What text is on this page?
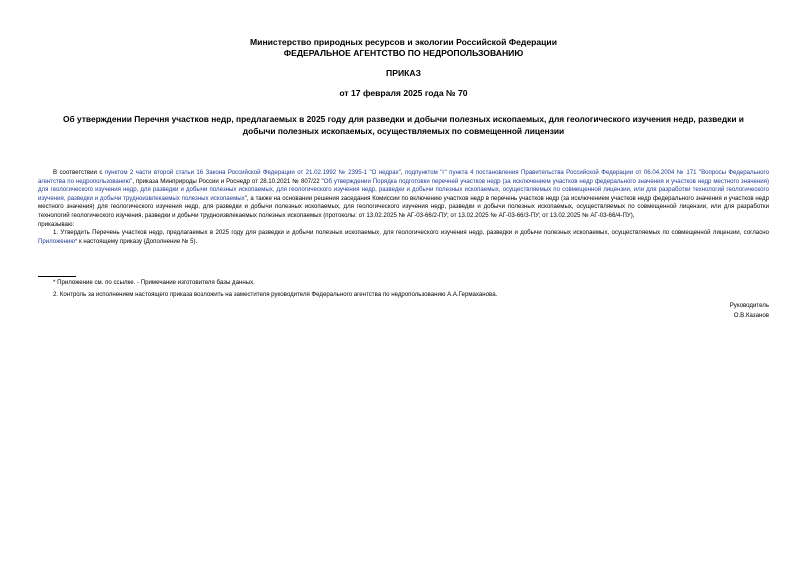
Министерство природных ресурсов и экологии Российской Федерации
ФЕДЕРАЛЬНОЕ АГЕНТСТВО ПО НЕДРОПОЛЬЗОВАНИЮ
ПРИКАЗ
от 17 февраля 2025 года № 70
Об утверждении Перечня участков недр, предлагаемых в 2025 году для разведки и добычи полезных ископаемых, для геологического изучения недр, разведки и
добычи полезных ископаемых, осуществляемых по совмещенной лицензии

В соответствии с пунктом 2 части второй статьи 16 Закона Российской Федерации от 21.02.1992 № 2395-1 "О недрах", подпунктом "г" пункта 4 постановления Правительства Российской Федерации от 06.04.2004 № 171 "Вопросы Федерального агентства по недропользованию", приказа Минприроды России и Роснедр от 28.10.2021 № 807/22 "Об утверждении Порядка подготовки перечней участков недр (за исключением участков недр федерального значения и участков недр местного значения) для геологического изучения недр, для разведки и добычи полезных ископаемых, для геологического изучения недр, разведки и добычи полезных ископаемых, осуществляемых по совмещенной лицензии, или для разработки технологий геологического изучения, разведки и добычи трудноизвлекаемых полезных ископаемых", а также на основании решения заседания Комиссии по включению участков недр в перечень участков недр (за исключением участков недр федерального значения и участков недр местного значения) для геологического изучения недр, для разведки и добычи полезных ископаемых, для геологического изучения недр, разведки и добычи полезных ископаемых, осуществляемых по совмещенной лицензии, или для разработки технологий геологического изучения, разведки и добычи трудноизвлекаемых полезных ископаемых (протоколы: от 13.02.2025 № АГ-03-66/2-ПУ; от 13.02.2025 № АГ-03-66/3-ПУ; от 13.02.2025 № АГ-03-66/4-ПУ),

приказываю:

1. Утвердить Перечень участков недр, предлагаемых в 2025 году для разведки и добычи полезных ископаемых, для геологического изучения недр, разведки и добычи полезных ископаемых, осуществляемых по совмещенной лицензии, согласно Приложению* к настоящему приказу (Дополнение № 5).

* Приложение см. по ссылке. - Примечание изготовителя базы данных.
2. Контроль за исполнением настоящего приказа возложить на заместителя руководителя Федерального агентства по недропользованию А.А.Гермаханова.
Руководитель
О.В.Казанов
